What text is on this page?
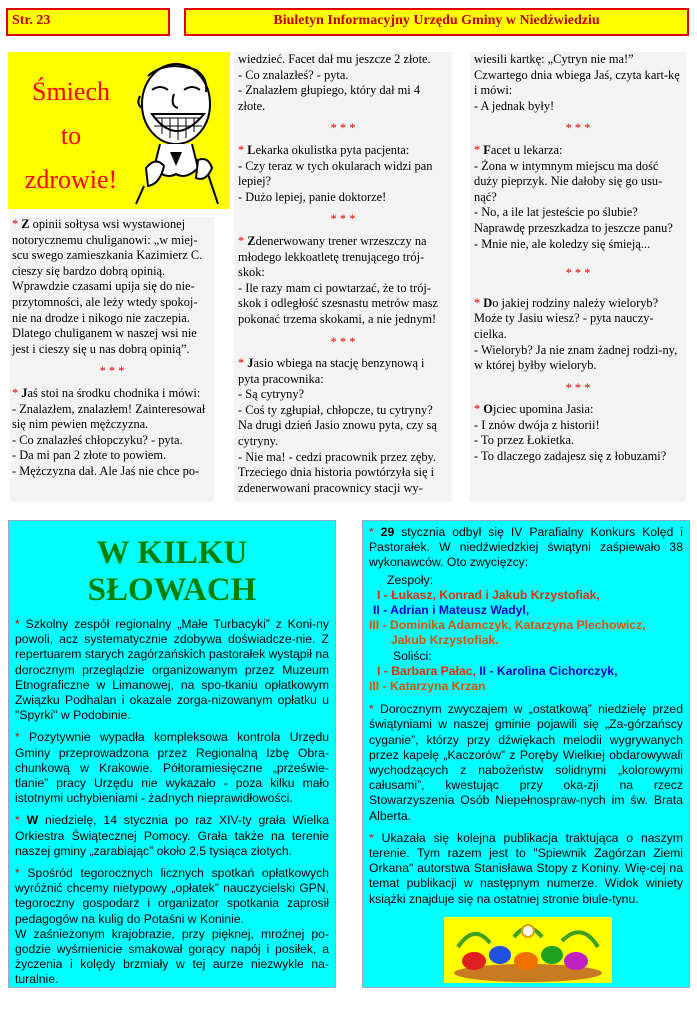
Str. 23	Biuletyn Informacyjny Urzędu Gminy w Niedźwiedziu
Śmiech
to
zdrowie!

* Z opinii sołtysa wsi wystawionej notorycznemu chuliganowi: „w miej-scu swego zamieszkania Kazimierz C. cieszy się bardzo dobrą opinią. Wprawdzie czasami upija się do nie-przytomności, ale leży wtedy spokoj-nie na drodze i nikogo nie zaczepia. Dlatego chuliganem w naszej wsi nie jest i cieszy się u nas dobrą opinią”.

* * *

* Jaś stoi na środku chodnika i mówi:

- Znalazłem, znalazłem! Zainteresował się nim pewien mężczyzna.

- Co znalazłeś chłopczyku? - pyta.

- Da mi pan 2 złote to powiem.

- Mężczyzna dał. Ale Jaś nie chce po-

wiedzieć. Facet dał mu jeszcze 2 złote.

- Co znalazłeś? - pyta.

- Znalazłem głupiego, który dał mi 4 złote.

* * *

* Lekarka okulistka pyta pacjenta:

- Czy teraz w tych okularach widzi pan lepiej?

- Dużo lepiej, panie doktorze!

* * *

* Zdenerwowany trener wrzeszczy na młodego lekkoatletę trenującego trój-skok:

- Ile razy mam ci powtarzać, że to trój-skok i odległość szesnastu metrów masz pokonać trzema skokami, a nie jednym!

* * *

* Jasio wbiega na stację benzynową i pyta pracownika:

- Są cytryny?

- Coś ty zgłupiał, chłopcze, tu cytryny? Na drugi dzień Jasio znowu pyta, czy są cytryny.

- Nie ma! - cedzi pracownik przez zęby. Trzeciego dnia historia powtórzyła się i zdenerwowani pracownicy stacji wy-

wiesili kartkę: „Cytryn nie ma!” Czwartego dnia wbiega Jaś, czyta kart-kę i mówi:

- A jednak były!

* * *

* Facet u lekarza:

- Żona w intymnym miejscu ma dość duży pieprzyk. Nie dałoby się go usu-nąć?

- No, a ile lat jesteście po ślubie? Naprawdę przeszkadza to jeszcze panu?

- Mnie nie, ale koledzy się śmieją...

* * *

* Do jakiej rodziny należy wieloryb? Może ty Jasiu wiesz? - pyta nauczy-cielka.

- Wieloryb? Ja nie znam żadnej rodzi-ny, w której byłby wieloryb.

* * *

* Ojciec upomina Jasia:

- I znów dwója z historii!

- To przez Łokietka.

- To dlaczego zadajesz się z łobuzami?

W KILKU
SŁOWACH

* Szkolny zespół regionalny „Małe Turbacyki” z Koni-ny powoli, acz systematycznie zdobywa doświadcze-nie. Z repertuarem starych zagórzańskich pastorałek wystąpił na dorocznym przeglądzie organizowanym przez Muzeum Etnograficzne w Limanowej, na spo-tkaniu opłatkowym Związku Podhalan i okazale zorga-nizowanym opłatku u "Spyrki" w Podobinie.

* Pozytywnie wypadła kompleksowa kontrola Urzędu Gminy przeprowadzona przez Regionalną Izbę Obra-chunkową w Krakowie. Półtoramiesięczne „prześwie-tlanie” pracy Urzędu nie wykazało - poza kilku mało istotnymi uchybieniami - żadnych nieprawidłowości.

* W niedzielę, 14 stycznia po raz XIV-ty grała Wielka Orkiestra Świątecznej Pomocy. Grała także na terenie naszej gminy „zarabiając” około 2,5 tysiąca złotych.

* Spośród tegorocznych licznych spotkań opłatkowych wyróżnić chcemy nietypowy „opłatek” nauczycielski GPN, tegoroczny gospodarz i organizator spotkania zaprosił pedagogów na kulig do Potaśni w Koninie.

W zaśnieżonym krajobrazie, przy pięknej, mroźnej po-godzie wyśmienicie smakował gorący napój i posiłek, a życzenia i kolędy brzmiały w tej aurze niezwykle na-turalnie.

* 29 stycznia odbył się IV Parafialny Konkurs Kolęd i Pastorałek. W niedźwiedzkiej świątyni zaśpiewało 38 wykonawców. Oto zwycięzcy:

Zespoły:
I - Łukasz, Konrad i Jakub Krzystofiak,
II - Adrian i Mateusz Wadyl,
III - Dominika Adamczyk, Katarzyna Plechowicz,
Jakub Krzystofiak.
Soliści:
I - Barbara Pałac, II - Karolina Cichorczyk,
III - Katarzyna Krzan

* Dorocznym zwyczajem w „ostatkową” niedzielę przed świątyniami w naszej gminie pojawili się „Za-górzańscy cyganie”, którzy przy dźwiękach melodii wygrywanych przez kapelę „Kaczorów” z Poręby Wielkiej obdarowywali wychodzących z nabożeństw solidnymi „kolorowymi całusami”, kwestując przy oka-zji na rzecz Stowarzyszenia Osób Niepełnospraw-nych im św. Brata Alberta.

* Ukazała się kolejna publikacja traktująca o naszym terenie. Tym razem jest to "Spiewnik Zagórzan Ziemi Orkana" autorstwa Stanisława Stopy z Koniny. Wię-cej na temat publikacji w następnym numerze. Widok winiety książki znajduje się na ostatniej stronie biule-tynu.
